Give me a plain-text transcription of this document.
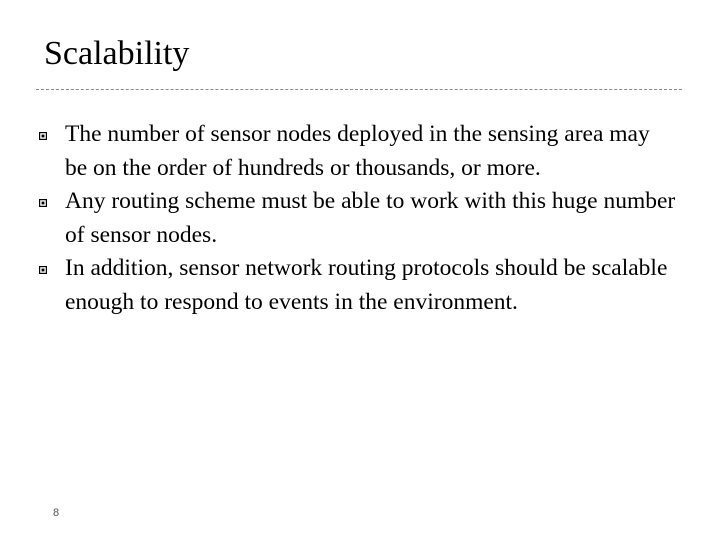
Scalability
The number of sensor nodes deployed in the sensing area may be on the order of hundreds or thousands, or more.
Any routing scheme must be able to work with this huge number of sensor nodes.
In addition, sensor network routing protocols should be scalable enough to respond to events in the environment.
8
